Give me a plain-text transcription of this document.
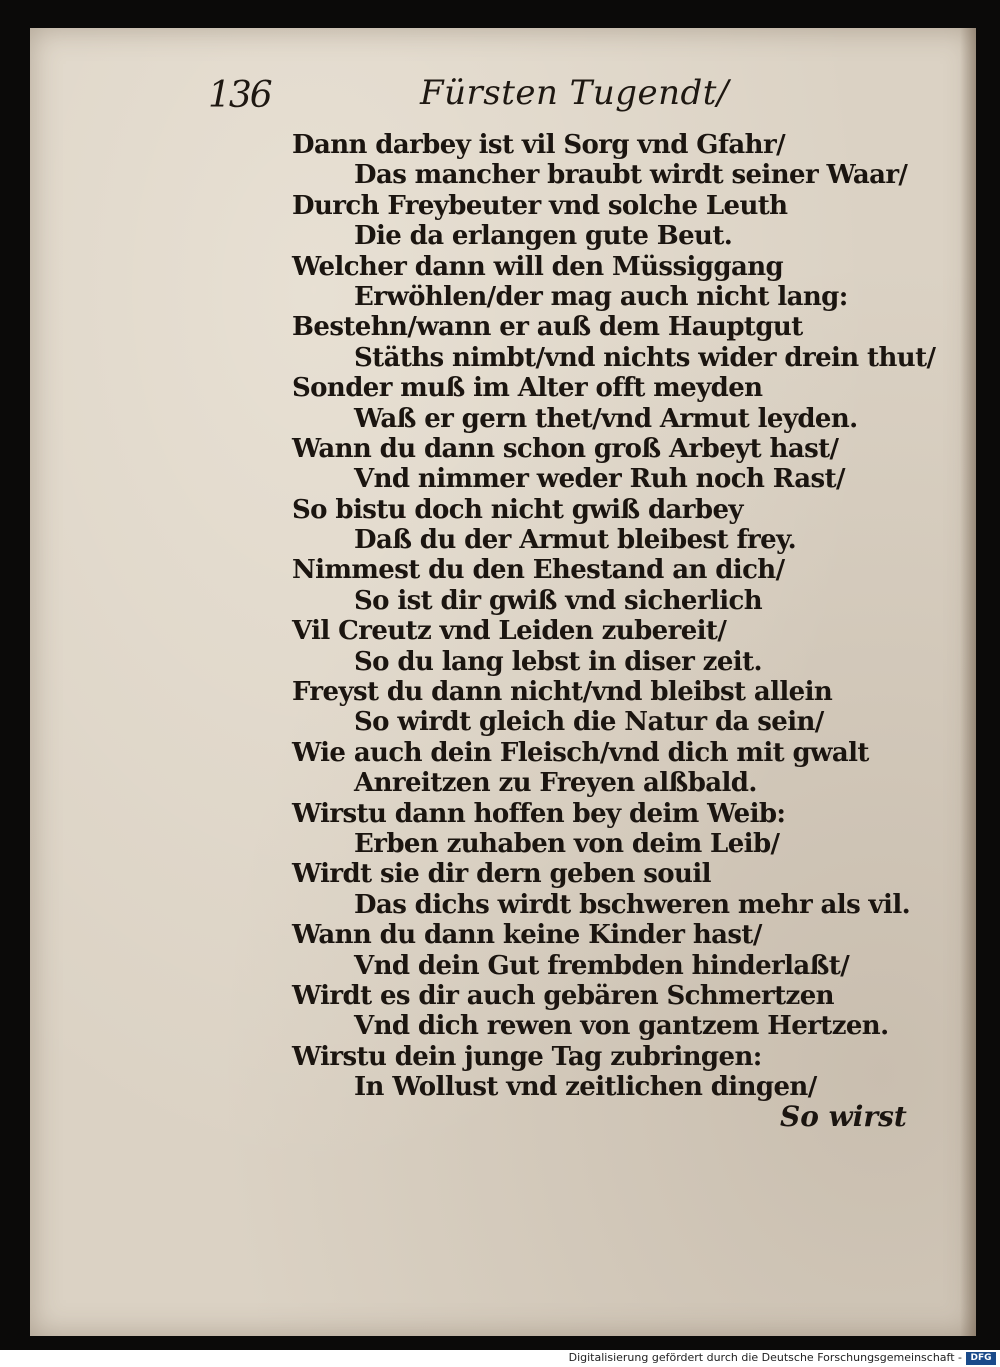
136	Fürsten Tugendt/
Dann darbey ist vil Sorg vnd Gfahr/
Das mancher braubt wirdt seiner Waar/
Durch Freybeuter vnd solche Leuth
Die da erlangen gute Beut.
Welcher dann will den Müssiggang
Erwöhlen/der mag auch nicht lang:
Bestehn/wann er auß dem Hauptgut
Stäths nimbt/vnd nichts wider drein thut/
Sonder muß im Alter offt meyden
Waß er gern thet/vnd Armut leyden.
Wann du dann schon groß Arbeyt hast/
Vnd nimmer weder Ruh noch Rast/
So bistu doch nicht gwiß darbey
Daß du der Armut bleibest frey.
Nimmest du den Ehestand an dich/
So ist dir gwiß vnd sicherlich
Vil Creutz vnd Leiden zubereit/
So du lang lebst in diser zeit.
Freyst du dann nicht/vnd bleibst allein
So wirdt gleich die Natur da sein/
Wie auch dein Fleisch/vnd dich mit gwalt
Anreitzen zu Freyen alßbald.
Wirstu dann hoffen bey deim Weib:
Erben zuhaben von deim Leib/
Wirdt sie dir dern geben souil
Das dichs wirdt bschweren mehr als vil.
Wann du dann keine Kinder hast/
Vnd dein Gut frembden hinderlaßt/
Wirdt es dir auch gebären Schmertzen
Vnd dich rewen von gantzem Hertzen.
Wirstu dein junge Tag zubringen:
In Wollust vnd zeitlichen dingen/
So wirst
Digitalisierung gefördert durch die Deutsche Forschungsgemeinschaft - DFG
